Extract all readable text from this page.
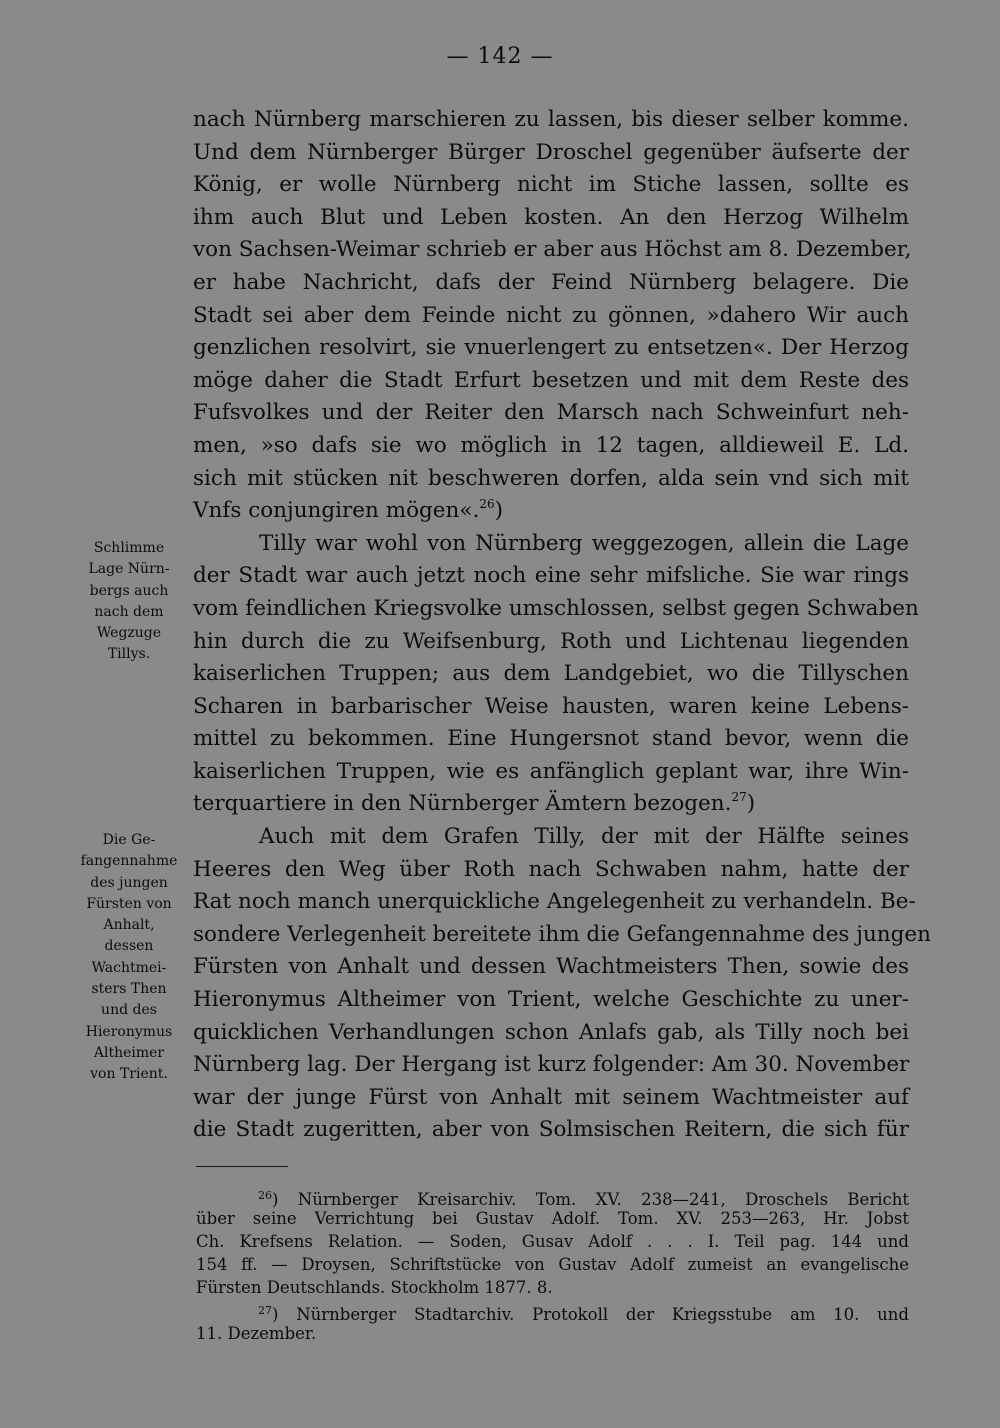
— 142 —
nach Nürnberg marschieren zu lassen, bis dieser selber komme.
Und dem Nürnberger Bürger Droschel gegenüber äufserte der
König, er wolle Nürnberg nicht im Stiche lassen, sollte es
ihm auch Blut und Leben kosten. An den Herzog Wilhelm
von Sachsen-Weimar schrieb er aber aus Höchst am 8. Dezember,
er habe Nachricht, dafs der Feind Nürnberg belagere. Die
Stadt sei aber dem Feinde nicht zu gönnen, »dahero Wir auch
genzlichen resolvirt, sie vnuerlengert zu entsetzen«. Der Herzog
möge daher die Stadt Erfurt besetzen und mit dem Reste des
Fufsvolkes und der Reiter den Marsch nach Schweinfurt neh-
men, »so dafs sie wo möglich in 12 tagen, alldieweil E. Ld.
sich mit stücken nit beschweren dorfen, alda sein vnd sich mit
Vnfs conjungiren mögen«.$^{26}$)
Tilly war wohl von Nürnberg weggezogen, allein die Lage
der Stadt war auch jetzt noch eine sehr mifsliche. Sie war rings
vom feindlichen Kriegsvolke umschlossen, selbst gegen Schwaben
hin durch die zu Weifsenburg, Roth und Lichtenau liegenden
kaiserlichen Truppen; aus dem Landgebiet, wo die Tillyschen
Scharen in barbarischer Weise hausten, waren keine Lebens-
mittel zu bekommen. Eine Hungersnot stand bevor, wenn die
kaiserlichen Truppen, wie es anfänglich geplant war, ihre Win-
terquartiere in den Nürnberger Ämtern bezogen.$^{27}$)
Auch mit dem Grafen Tilly, der mit der Hälfte seines
Heeres den Weg über Roth nach Schwaben nahm, hatte der
Rat noch manch unerquickliche Angelegenheit zu verhandeln. Be-
sondere Verlegenheit bereitete ihm die Gefangennahme des jungen
Fürsten von Anhalt und dessen Wachtmeisters Then, sowie des
Hieronymus Altheimer von Trient, welche Geschichte zu uner-
quicklichen Verhandlungen schon Anlafs gab, als Tilly noch bei
Nürnberg lag. Der Hergang ist kurz folgender: Am 30. November
war der junge Fürst von Anhalt mit seinem Wachtmeister auf
die Stadt zugeritten, aber von Solmsischen Reitern, die sich für
Schlimme
Lage Nürn-
bergs auch
nach dem
Wegzuge
Tillys.
Die Ge-
fangennahme
des jungen
Fürsten von
Anhalt,
dessen
Wachtmei-
sters Then
und des
Hieronymus
Altheimer
von Trient.
$^{26}$) Nürnberger Kreisarchiv. Tom. XV. 238—241, Droschels Bericht
über seine Verrichtung bei Gustav Adolf. Tom. XV. 253—263, Hr. Jobst
Ch. Krefsens Relation. — Soden, Gusav Adolf . . . I. Teil pag. 144 und
154 ff. — Droysen, Schriftstücke von Gustav Adolf zumeist an evangelische
Fürsten Deutschlands. Stockholm 1877. 8.
$^{27}$) Nürnberger Stadtarchiv. Protokoll der Kriegsstube am 10. und
11. Dezember.
